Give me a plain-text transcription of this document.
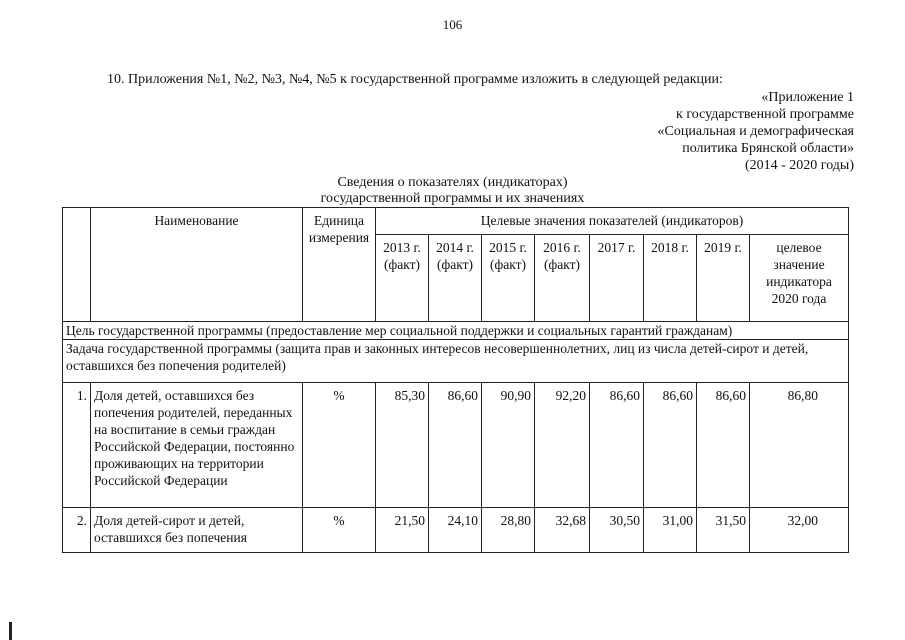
106
10. Приложения №1, №2, №3, №4, №5 к государственной программе изложить в следующей редакции:
«Приложение 1
к государственной программе
«Социальная и демографическая
политика Брянской области»
(2014 - 2020 годы)
Сведения о показателях (индикаторах)
государственной программы и их значениях
	Наименование	Единица измерения	Целевые значения показателей (индикаторов)							
			2013 г. (факт)	2014 г. (факт)	2015 г. (факт)	2016 г. (факт)	2017 г.	2018 г.	2019 г.	целевое значение индикатора 2020 года
Цель государственной программы (предоставление мер социальной поддержки и социальных гарантий гражданам)										
Задача государственной программы (защита прав и законных интересов несовершеннолетних, лиц из числа детей-сирот и детей, оставшихся без попечения родителей)										
1.	Доля детей, оставшихся без попечения родителей, переданных на воспитание в семьи граждан Российской Федерации, постоянно проживающих на территории Российской Федерации	%	85,30	86,60	90,90	92,20	86,60	86,60	86,60	86,80
2.	Доля детей-сирот и детей, оставшихся без попечения	%	21,50	24,10	28,80	32,68	30,50	31,00	31,50	32,00
